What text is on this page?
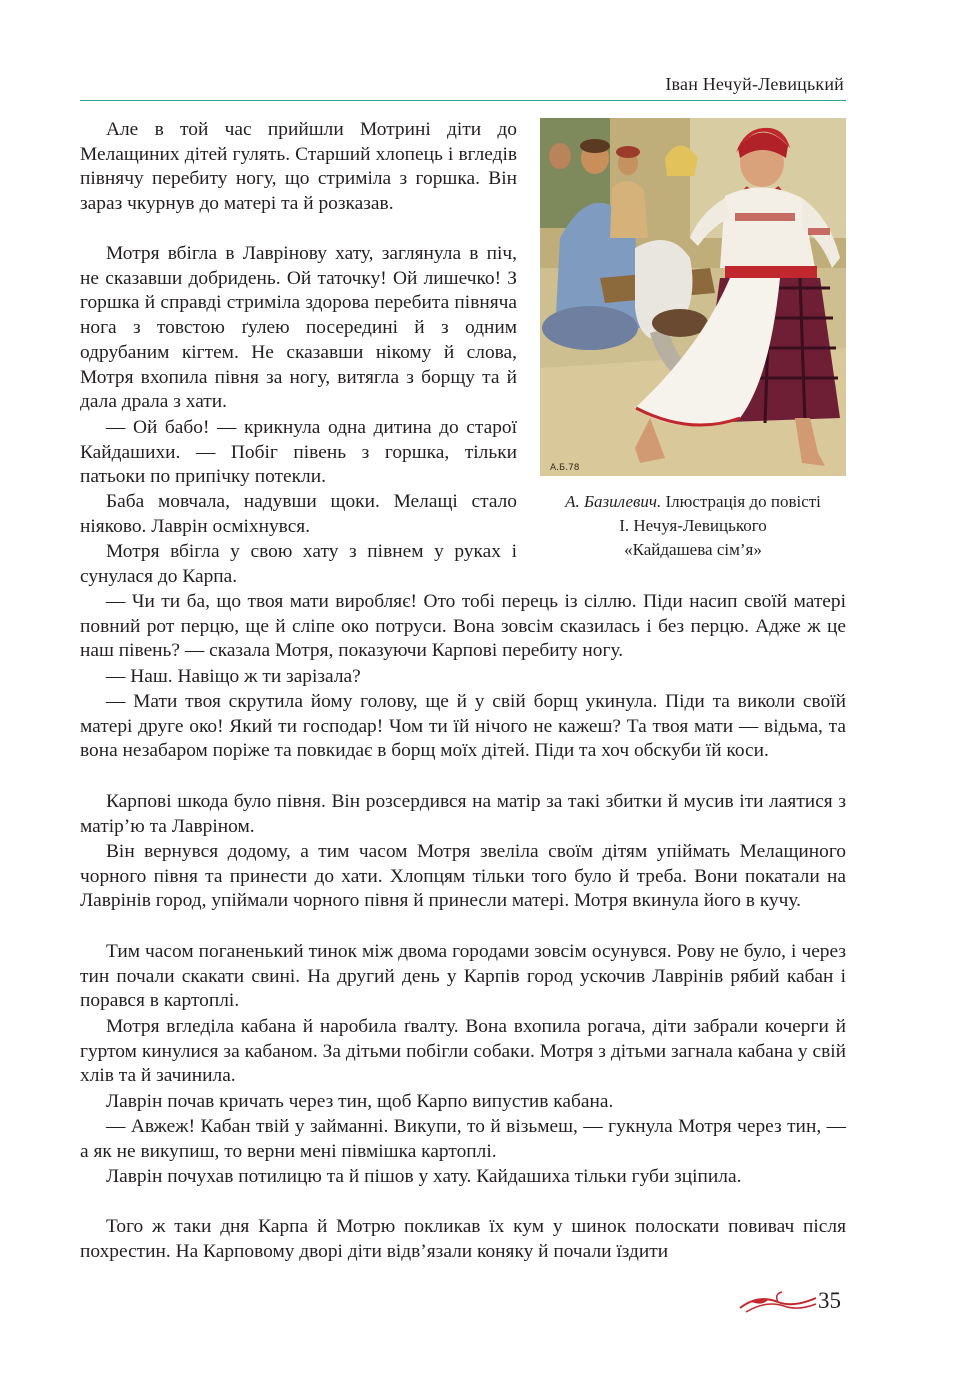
Іван Нечуй-Левицький
А.Б.78
А. Базилевич. Ілюстрація до повісті
І. Нечуя-Левицького
«Кайдашева сім’я»

Але в той час прийшли Мотрині діти до Мелащиних дітей гулять. Старший хлопець і вгледів півнячу перебиту ногу, що стриміла з горшка. Він зараз чкурнув до матері та й розказав.

Мотря вбігла в Лаврінову хату, заглянула в піч, не сказавши добридень. Ой таточку! Ой лишечко! З горшка й справді стриміла здорова перебита півняча нога з товстою ґулею посередині й з одним одрубаним кігтем. Не сказавши нікому й слова, Мотря вхопила півня за ногу, витягла з борщу та й дала драла з хати.

— Ой бабо! — крикнула одна дитина до старої Кайдашихи. — Побіг півень з горшка, тільки патьоки по припічку потекли.

Баба мовчала, надувши щоки. Мелащі стало ніяково. Лаврін осміхнувся.

Мотря вбігла у свою хату з півнем у руках і сунулася до Карпа.

— Чи ти ба, що твоя мати виробляє! Ото тобі перець із сіллю. Піди насип своїй матері повний рот перцю, ще й сліпе око потруси. Вона зовсім сказилась і без перцю. Адже ж це наш півень? — сказала Мотря, показуючи Карпові перебиту ногу.

— Наш. Навіщо ж ти зарізала?

— Мати твоя скрутила йому голову, ще й у свій борщ укинула. Піди та виколи своїй матері друге око! Який ти господар! Чом ти їй нічого не кажеш? Та твоя мати — відьма, та вона незабаром поріже та повкидає в борщ моїх дітей. Піди та хоч обскуби їй коси.

Карпові шкода було півня. Він розсердився на матір за такі збитки й мусив іти лаятися з матір’ю та Лавріном.

Він вернувся додому, а тим часом Мотря звеліла своїм дітям упіймать Мелащиного чорного півня та принести до хати. Хлопцям тільки того було й треба. Вони покатали на Лаврінів город, упіймали чорного півня й принесли матері. Мотря вкинула його в кучу.

Тим часом поганенький тинок між двома городами зовсім осунувся. Рову не було, і через тин почали скакати свині. На другий день у Карпів город ускочив Лаврінів рябий кабан і порався в картоплі.

Мотря вгледіла кабана й наробила ґвалту. Вона вхопила рогача, діти забрали кочерги й гуртом кинулися за кабаном. За дітьми побігли собаки. Мотря з дітьми загнала кабана у свій хлів та й зачинила.

Лаврін почав кричать через тин, щоб Карпо випустив кабана.

— Авжеж! Кабан твій у займанні. Викупи, то й візьмеш, — гукнула Мотря через тин, — а як не викупиш, то верни мені півмішка картоплі.

Лаврін почухав потилицю та й пішов у хату. Кайдашиха тільки губи зціпила.

Того ж таки дня Карпа й Мотрю покликав їх кум у шинок полоскати повивач після похрестин. На Карповому дворі діти відв’язали коняку й почали їздити

35
